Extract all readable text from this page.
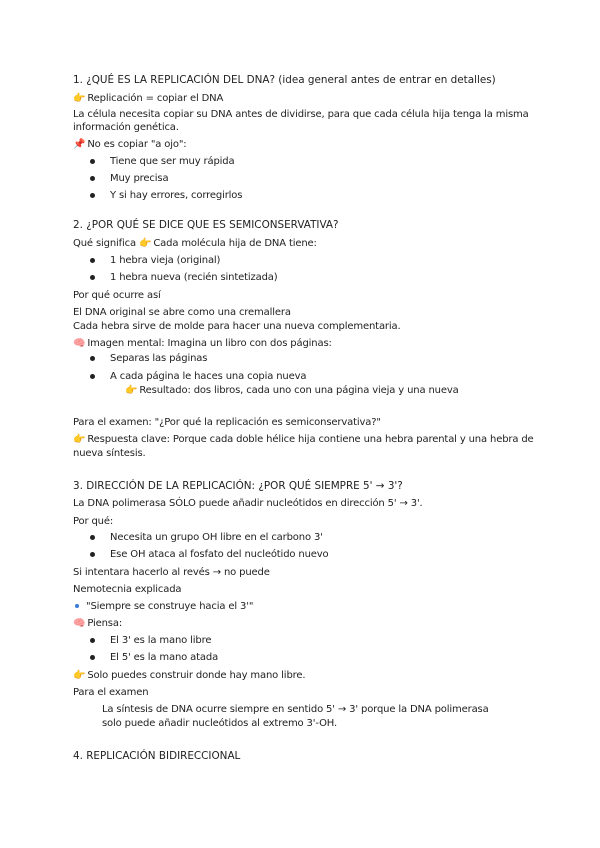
1. ¿QUÉ ES LA REPLICACIÓN DEL DNA? (idea general antes de entrar en detalles)
👉 Replicación = copiar el DNA
La célula necesita copiar su DNA antes de dividirse, para que cada célula hija tenga la misma
información genética.
📌 No es copiar "a ojo":
Tiene que ser muy rápida
Muy precisa
Y si hay errores, corregirlos
2. ¿POR QUÉ SE DICE QUE ES SEMICONSERVATIVA?
Qué significa 👉 Cada molécula hija de DNA tiene:
1 hebra vieja (original)
1 hebra nueva (recién sintetizada)
Por qué ocurre así
El DNA original se abre como una cremallera
Cada hebra sirve de molde para hacer una nueva complementaria.
🧠 Imagen mental: Imagina un libro con dos páginas:
Separas las páginas
A cada página le haces una copia nueva
👉 Resultado: dos libros, cada uno con una página vieja y una nueva
Para el examen: "¿Por qué la replicación es semiconservativa?"
👉 Respuesta clave: Porque cada doble hélice hija contiene una hebra parental y una hebra de
nueva síntesis.
3. DIRECCIÓN DE LA REPLICACIÓN: ¿POR QUÉ SIEMPRE 5' → 3'?
La DNA polimerasa SÓLO puede añadir nucleótidos en dirección 5' → 3'.
Por qué:
Necesita un grupo OH libre en el carbono 3'
Ese OH ataca al fosfato del nucleótido nuevo
Si intentara hacerlo al revés → no puede
Nemotecnia explicada
"Siempre se construye hacia el 3'"
🧠 Piensa:
El 3' es la mano libre
El 5' es la mano atada
👉 Solo puedes construir donde hay mano libre.
Para el examen
La síntesis de DNA ocurre siempre en sentido 5' → 3' porque la DNA polimerasa
solo puede añadir nucleótidos al extremo 3'-OH.
4. REPLICACIÓN BIDIRECCIONAL
